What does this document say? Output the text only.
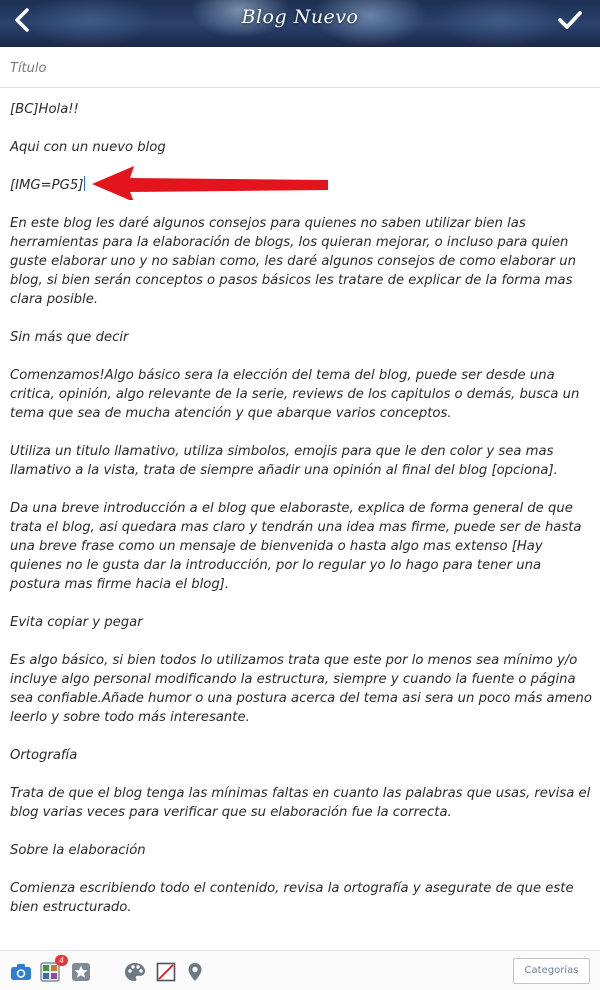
Blog Nuevo
Título

[BC]Hola!!

Aqui con un nuevo blog

[IMG=PG5]

En este blog les daré algunos consejos para quienes no saben utilizar bien las herramientas para la elaboración de blogs, los quieran mejorar, o incluso para quien guste elaborar uno y no sabian como, les daré algunos consejos de como elaborar un blog, si bien serán conceptos o pasos básicos les tratare de explicar de la forma mas clara posible.

Sin más que decir

Comenzamos!Algo básico sera la elección del tema del blog, puede ser desde una critica, opinión, algo relevante de la serie, reviews de los capitulos o demás, busca un tema que sea de mucha atención y que abarque varios conceptos.

Utiliza un titulo llamativo, utiliza simbolos, emojis para que le den color y sea mas llamativo a la vista, trata de siempre añadir una opinión al final del blog [opciona].

Da una breve introducción a el blog que elaboraste, explica de forma general de que trata el blog, asi quedara mas claro y tendrán una idea mas firme, puede ser de hasta una breve frase como un mensaje de bienvenida o hasta algo mas extenso [Hay quienes no le gusta dar la introducción, por lo regular yo lo hago para tener una postura mas firme hacia el blog].

Evita copiar y pegar

Es algo básico, si bien todos lo utilizamos trata que este por lo menos sea mínimo y/o incluye algo personal modificando la estructura, siempre y cuando la fuente o página sea confiable.Añade humor o una postura acerca del tema asi sera un poco más ameno leerlo y sobre todo más interesante.

Ortografía

Trata de que el blog tenga las mínimas faltas en cuanto las palabras que usas, revisa el blog varias veces para verificar que su elaboración fue la correcta.

Sobre la elaboración

Comienza escribiendo todo el contenido, revisa la ortografía y asegurate de que este bien estructurado.

4
Categorías
